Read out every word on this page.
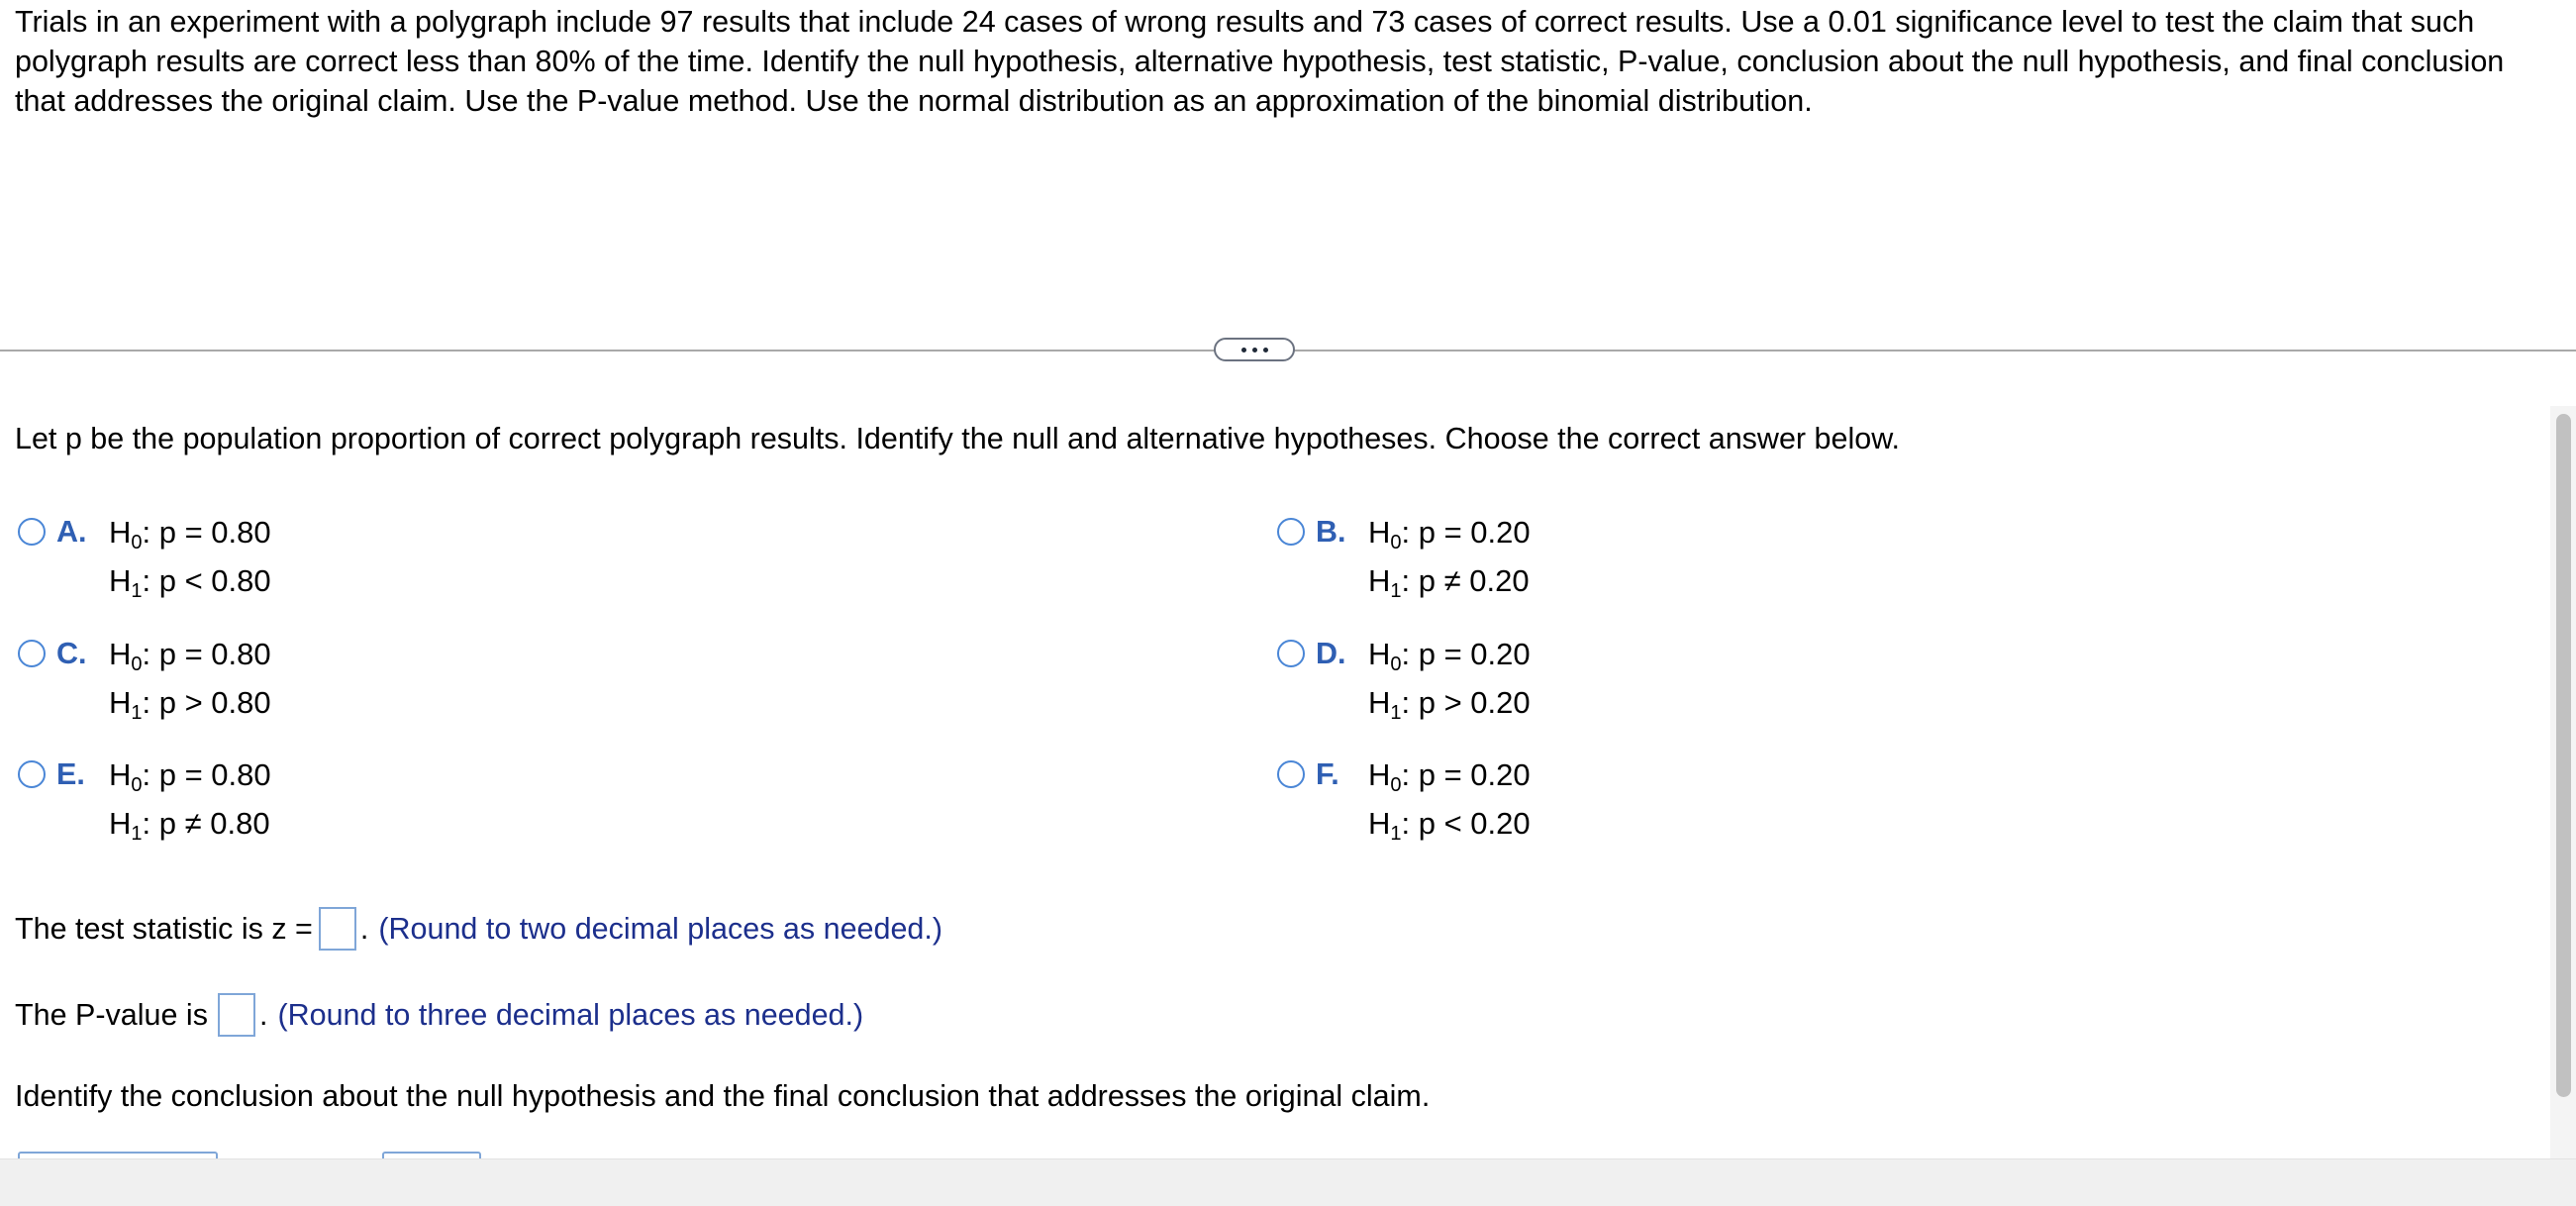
Trials in an experiment with a polygraph include 97 results that include 24 cases of wrong results and 73 cases of correct results. Use a 0.01 significance level to test the claim that such polygraph results are correct less than 80% of the time. Identify the null hypothesis, alternative hypothesis, test statistic, P-value, conclusion about the null hypothesis, and final conclusion that addresses the original claim. Use the P-value method. Use the normal distribution as an approximation of the binomial distribution.
Let p be the population proportion of correct polygraph results. Identify the null and alternative hypotheses. Choose the correct answer below.
A. $H_0$: p = 0.80
$H_1$: p < 0.80
B. $H_0$: p = 0.20
$H_1$: p ≠ 0.20
C. $H_0$: p = 0.80
$H_1$: p > 0.80
D. $H_0$: p = 0.20
$H_1$: p > 0.20
E. $H_0$: p = 0.80
$H_1$: p ≠ 0.80
F. $H_0$: p = 0.20
$H_1$: p < 0.20
The test statistic is z = . (Round to two decimal places as needed.)
The P-value is . (Round to three decimal places as needed.)
Identify the conclusion about the null hypothesis and the final conclusion that addresses the original claim.
